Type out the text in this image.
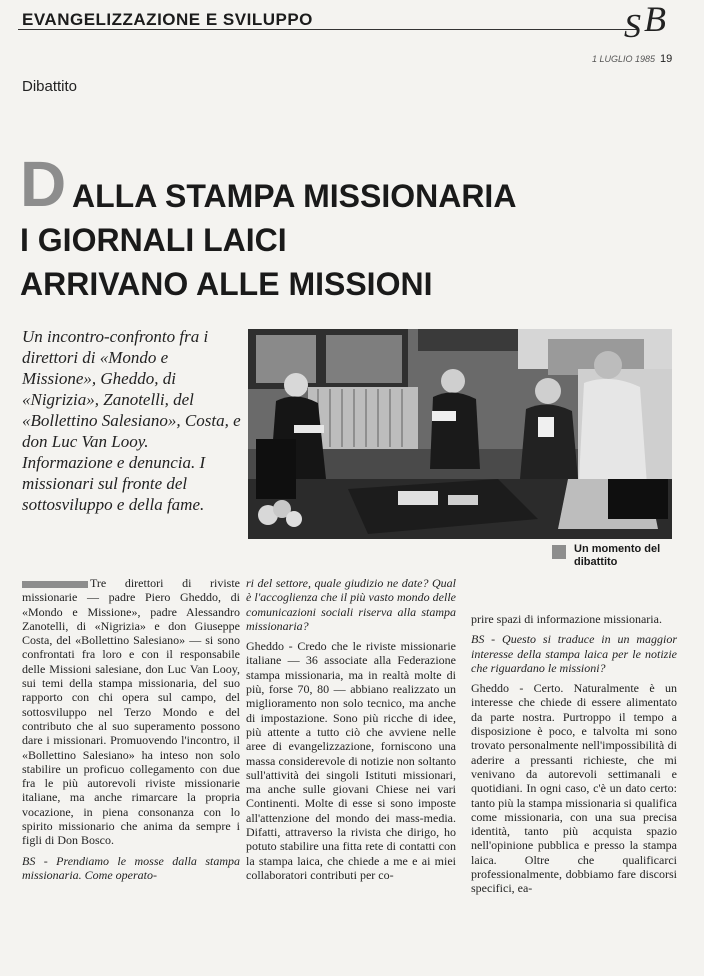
EVANGELIZZAZIONE E SVILUPPO	S B
1 LUGLIO 1985 19
Dibattito
D ALLA STAMPA MISSIONARIA
I GIORNALI LAICI
ARRIVANO ALLE MISSIONI
Un incontro-confronto fra i direttori di «Mondo e Missione», Gheddo, di «Nigrizia», Zanotelli, del «Bollettino Salesiano», Costa, e don Luc Van Looy. Informazione e denuncia. I missionari sul fronte del sottosviluppo e della fame.
Un momento del dibattito

Tre direttori di riviste missionarie — padre Piero Gheddo, di «Mondo e Missione», padre Alessandro Zanotelli, di «Nigrizia» e don Giuseppe Costa, del «Bollettino Salesiano» — si sono confrontati fra loro e con il responsabile delle Missioni salesiane, don Luc Van Looy, sui temi della stampa missionaria, del suo rapporto con chi opera sul campo, del sottosviluppo nel Terzo Mondo e del contributo che al suo superamento possono dare i missionari. Promuovendo l'incontro, il «Bollettino Salesiano» ha inteso non solo stabilire un proficuo collegamento con due fra le più autorevoli riviste missionarie italiane, ma anche rimarcare la propria vocazione, in piena consonanza con lo spirito missionario che anima da sempre i figli di Don Bosco.

BS - Prendiamo le mosse dalla stampa missionaria. Come operato-

ri del settore, quale giudizio ne date? Qual è l'accoglienza che il più vasto mondo delle comunicazioni sociali riserva alla stampa missionaria?

Gheddo - Credo che le riviste missionarie italiane — 36 associate alla Federazione stampa missionaria, ma in realtà molte di più, forse 70, 80 — abbiano realizzato un miglioramento non solo tecnico, ma anche di impostazione. Sono più ricche di idee, più attente a tutto ciò che avviene nelle aree di evangelizzazione, forniscono una massa considerevole di notizie non soltanto sull'attività dei singoli Istituti missionari, ma anche sulle giovani Chiese nei vari Continenti. Molte di esse si sono imposte all'attenzione del mondo dei mass-media. Difatti, attraverso la rivista che dirigo, ho potuto stabilire una fitta rete di contatti con la stampa laica, che chiede a me e ai miei collaboratori contributi per co-

prire spazi di informazione missionaria.

BS - Questo si traduce in un maggior interesse della stampa laica per le notizie che riguardano le missioni?

Gheddo - Certo. Naturalmente è un interesse che chiede di essere alimentato da parte nostra. Purtroppo il tempo a disposizione è poco, e talvolta mi sono trovato personalmente nell'impossibilità di aderire a pressanti richieste, che mi venivano da autorevoli settimanali e quotidiani. In ogni caso, c'è un dato certo: tanto più la stampa missionaria si qualifica come missionaria, con una sua precisa identità, tanto più acquista spazio nell'opinione pubblica e presso la stampa laica. Oltre che qualificarci professionalmente, dobbiamo fare discorsi specifici, ea-
